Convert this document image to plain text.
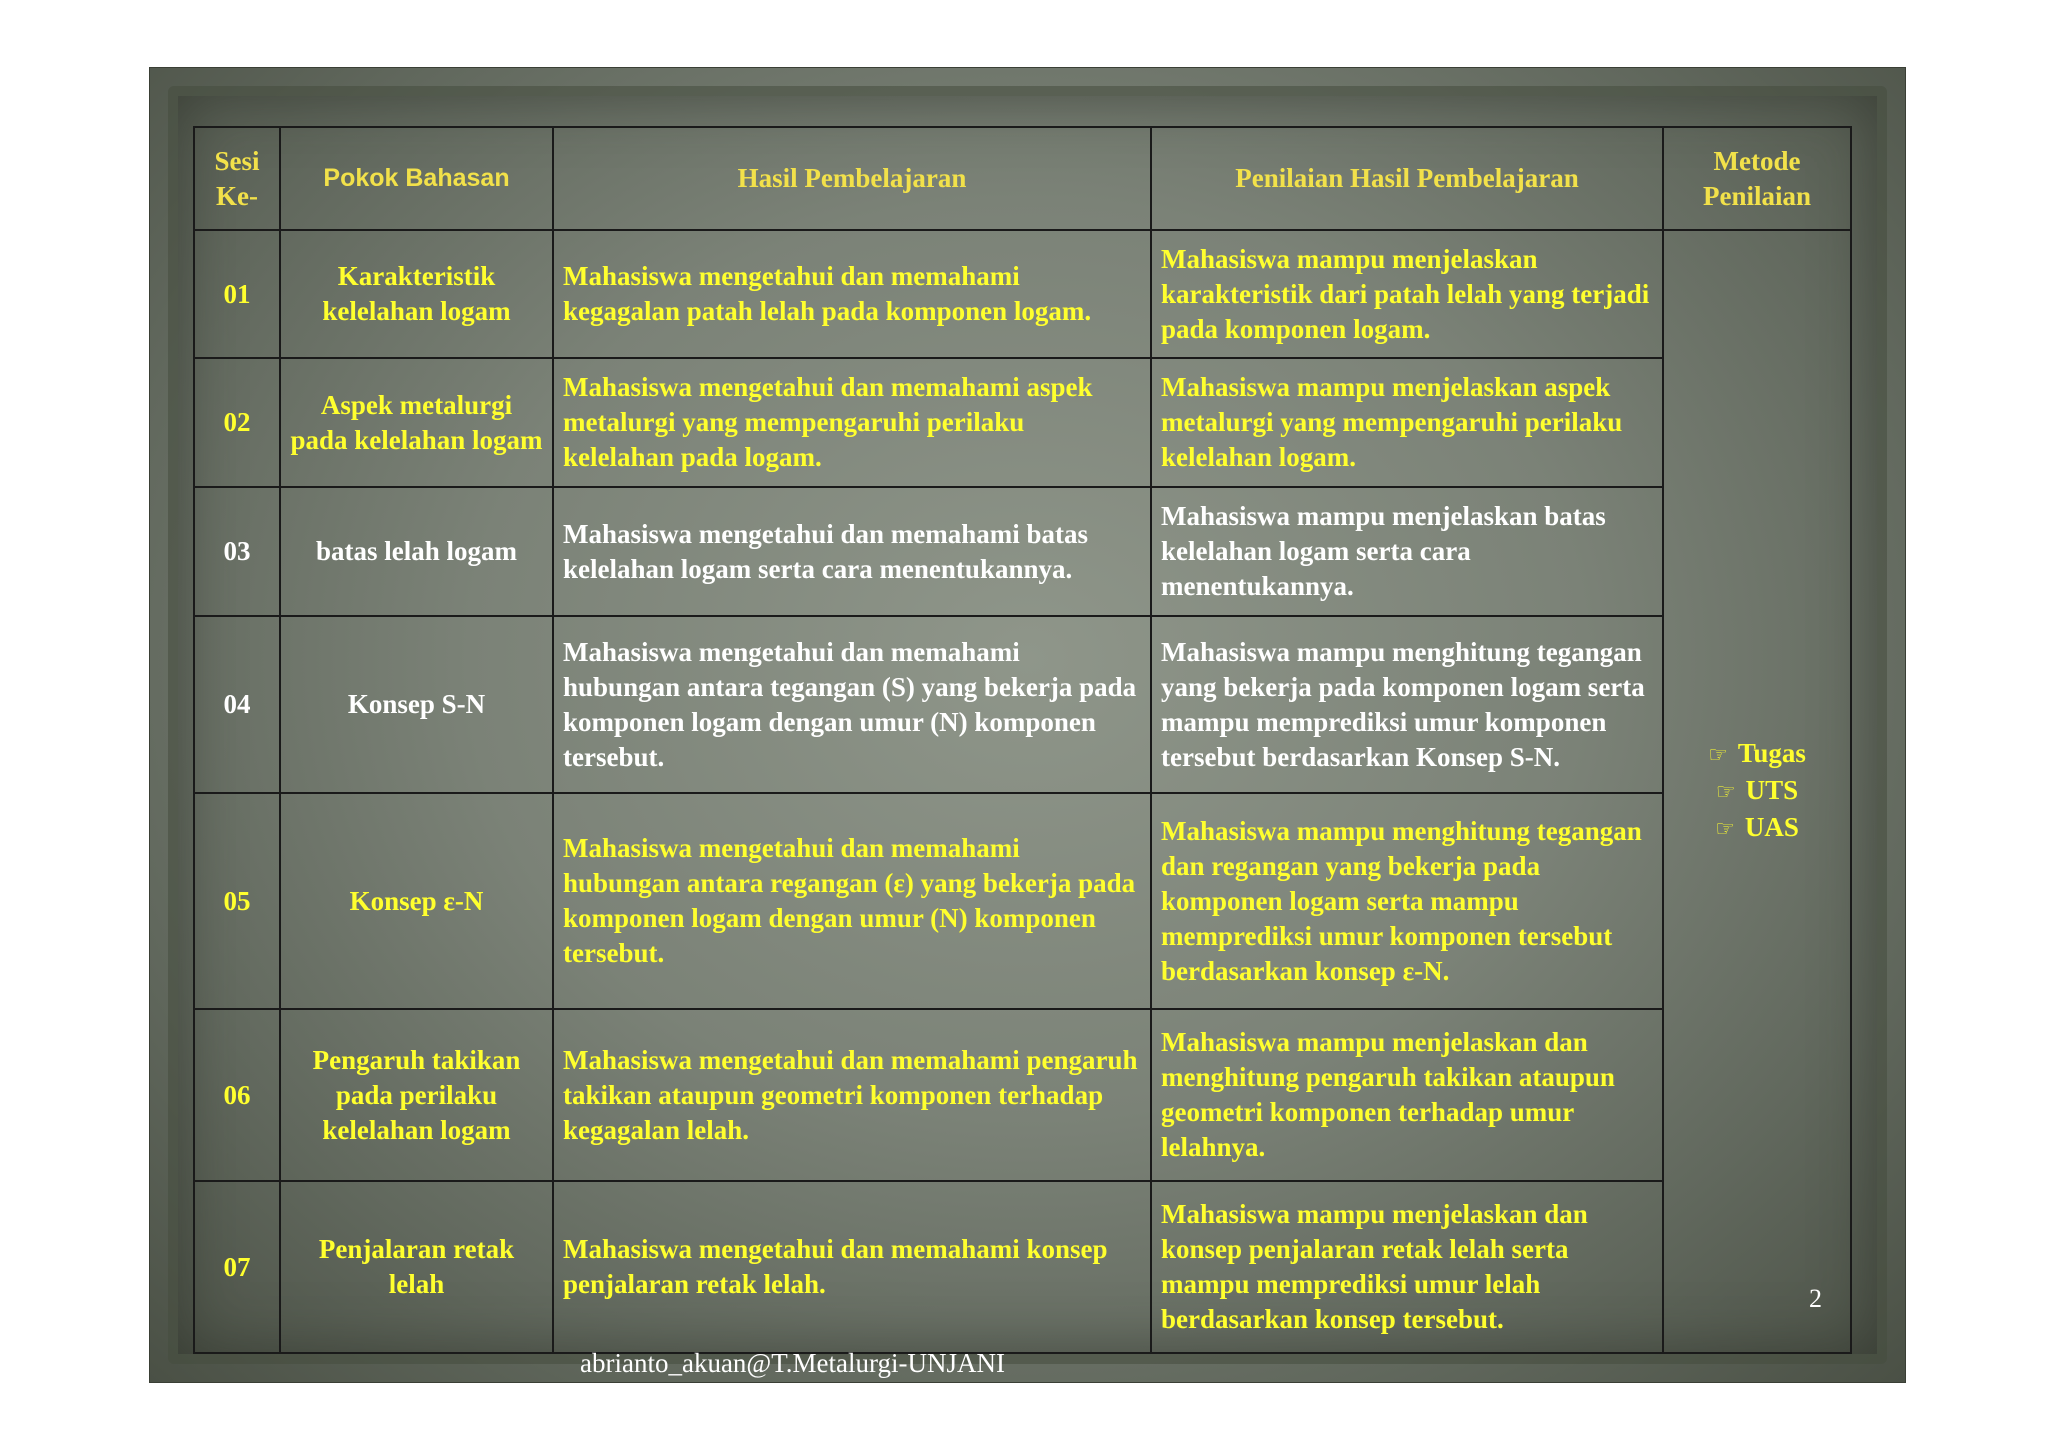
Sesi Ke-	Pokok Bahasan	Hasil Pembelajaran	Penilaian Hasil Pembelajaran	Metode Penilaian
01	Karakteristik kelelahan logam	Mahasiswa mengetahui dan memahami kegagalan patah lelah pada komponen logam.	Mahasiswa mampu menjelaskan karakteristik dari patah lelah yang terjadi pada komponen logam.	☞ Tugas
☞ UTS
☞ UAS

02	Aspek metalurgi pada kelelahan logam	Mahasiswa mengetahui dan memahami aspek metalurgi yang mempengaruhi perilaku kelelahan pada logam.	Mahasiswa mampu menjelaskan aspek metalurgi yang mempengaruhi perilaku kelelahan logam.	
03	batas lelah logam	Mahasiswa mengetahui dan memahami batas kelelahan logam serta cara menentukannya.	Mahasiswa mampu menjelaskan batas kelelahan logam serta cara menentukannya.	
04	Konsep S-N	Mahasiswa mengetahui dan memahami hubungan antara tegangan (S) yang bekerja pada komponen logam dengan umur (N) komponen tersebut.	Mahasiswa mampu menghitung tegangan yang bekerja pada komponen logam serta mampu memprediksi umur komponen tersebut berdasarkan Konsep S-N.	
05	Konsep ε-N	Mahasiswa mengetahui dan memahami hubungan antara regangan (ε) yang bekerja pada komponen logam dengan umur (N) komponen tersebut.	Mahasiswa mampu menghitung tegangan dan regangan yang bekerja pada komponen logam serta mampu memprediksi umur komponen tersebut berdasarkan konsep ε-N.	
06	Pengaruh takikan pada perilaku kelelahan logam	Mahasiswa mengetahui dan memahami pengaruh takikan ataupun geometri komponen terhadap kegagalan lelah.	Mahasiswa mampu menjelaskan dan menghitung pengaruh takikan ataupun geometri komponen terhadap umur lelahnya.	
07	Penjalaran retak lelah	Mahasiswa mengetahui dan memahami konsep penjalaran retak lelah.	Mahasiswa mampu menjelaskan dan konsep penjalaran retak lelah serta mampu memprediksi umur lelah berdasarkan konsep tersebut.	
2
abrianto_akuan@T.Metalurgi-UNJANI
